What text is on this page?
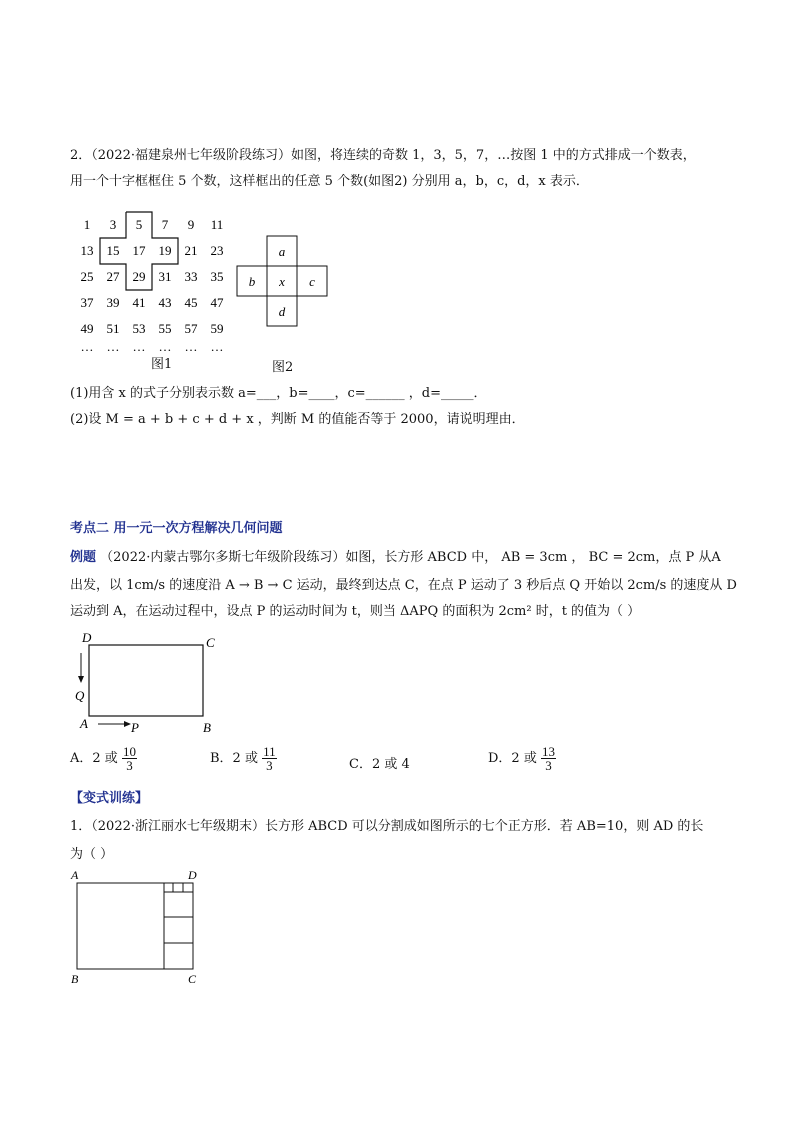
2．（2022·福建泉州七年级阶段练习）如图，将连续的奇数 1，3，5，7，…按图 1 中的方式排成一个数表，
用一个十字框框住 5 个数，这样框出的任意 5 个数(如图2) 分别用 a，b，c，d，x 表示．
1 3 5 7 9 11
13 15 17 19 21 23
25 27 29 31 33 35
37 39 41 43 45 47
49 51 53 55 57 59
… … … … … …
图1
a
b x c
d
图2
(1)用含 x 的式子分别表示数 a=___，b=____，c=______ ，d=_____．
(2)设 M = a + b + c + d + x ，判断 M 的值能否等于 2000，请说明理由．
考点二 用一元一次方程解决几何问题
例题 （2022·内蒙古鄂尔多斯七年级阶段练习）如图，长方形 ABCD 中， AB = 3cm ， BC = 2cm，点 P 从A
出发，以 1cm/s 的速度沿 A → B → C 运动，最终到达点 C，在点 P 运动了 3 秒后点 Q 开始以 2cm/s 的速度从 D
运动到 A，在运动过程中，设点 P 的运动时间为 t，则当 ΔAPQ 的面积为 2cm² 时，t 的值为（ ）
D	C
Q
A	P	B
A．2 或 $\frac{10}{3}$	B．2 或 $\frac{11}{3}$	C．2 或 4	D．2 或 $\frac{13}{3}$
【变式训练】
1．（2022·浙江丽水七年级期末）长方形 ABCD 可以分割成如图所示的七个正方形．若 AB=10，则 AD 的长
为（ ）
A	D
B	C
